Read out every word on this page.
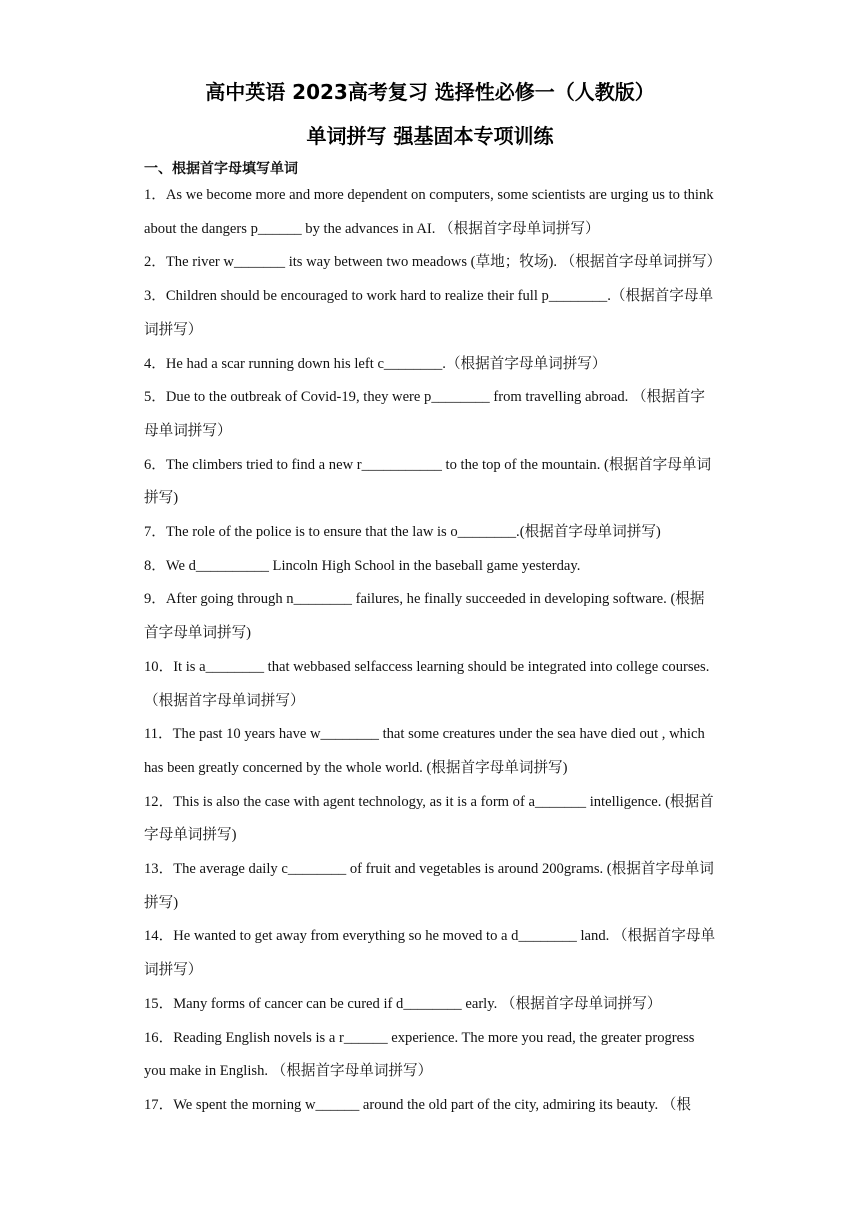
高中英语 2023高考复习 选择性必修一（人教版）
单词拼写 强基固本专项训练
一、根据首字母填写单词

1．As we become more and more dependent on computers, some scientists are urging us to think about the dangers p______ by the advances in AI. （根据首字母单词拼写）

2．The river w_______ its way between two meadows (草地；牧场). （根据首字母单词拼写）

3．Children should be encouraged to work hard to realize their full p________.（根据首字母单词拼写）

4．He had a scar running down his left c________.（根据首字母单词拼写）

5．Due to the outbreak of Covid-19, they were p________ from travelling abroad. （根据首字母单词拼写）

6．The climbers tried to find a new r___________ to the top of the mountain. (根据首字母单词拼写)

7．The role of the police is to ensure that the law is o________.(根据首字母单词拼写)

8．We d__________ Lincoln High School in the baseball game yesterday.

9．After going through n________ failures, he finally succeeded in developing software. (根据首字母单词拼写)

10．It is a________ that webbased selfaccess learning should be integrated into college courses. （根据首字母单词拼写）

11．The past 10 years have w________ that some creatures under the sea have died out , which has been greatly concerned by the whole world. (根据首字母单词拼写)

12．This is also the case with agent technology, as it is a form of a_______ intelligence. (根据首字母单词拼写)

13．The average daily c________ of fruit and vegetables is around 200grams. (根据首字母单词拼写)

14．He wanted to get away from everything so he moved to a d________ land. （根据首字母单词拼写）

15．Many forms of cancer can be cured if d________ early. （根据首字母单词拼写）

16．Reading English novels is a r______ experience. The more you read, the greater progress you make in English. （根据首字母单词拼写）

17．We spent the morning w______ around the old part of the city, admiring its beauty. （根
